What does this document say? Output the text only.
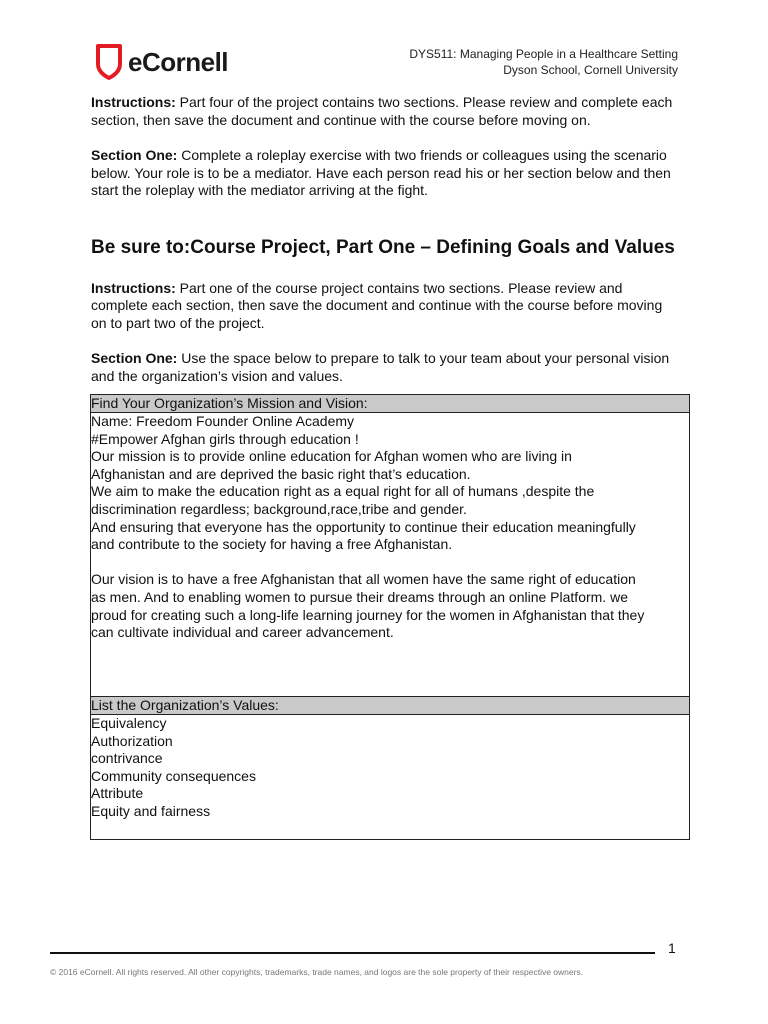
eCornell	DYS511: Managing People in a Healthcare Setting
Dyson School, Cornell University

Instructions: Part four of the project contains two sections. Please review and complete each section, then save the document and continue with the course before moving on.

Section One: Complete a roleplay exercise with two friends or colleagues using the scenario below. Your role is to be a mediator. Have each person read his or her section below and then start the roleplay with the mediator arriving at the fight.

Be sure to:Course Project, Part One – Defining Goals and Values

Instructions: Part one of the course project contains two sections. Please review and complete each section, then save the document and continue with the course before moving on to part two of the project.

Section One: Use the space below to prepare to talk to your team about your personal vision and the organization’s vision and values.

Find Your Organization’s Mission and Vision:
Name: Freedom Founder Online Academy
#Empower Afghan girls through education !
Our mission is to provide online education for Afghan women who are living in
Afghanistan and are deprived the basic right that’s education.
We aim to make the education right as a equal right for all of humans ,despite the
discrimination regardless; background,race,tribe and gender.
And ensuring that everyone has the opportunity to continue their education meaningfully
and contribute to the society for having a free Afghanistan.
Our vision is to have a free Afghanistan that all women have the same right of education
as men. And to enabling women to pursue their dreams through an online Platform. we
proud for creating such a long-life learning journey for the women in Afghanistan that they
can cultivate individual and career advancement.
List the Organization’s Values:
Equivalency
Authorization
contrivance
Community consequences
Attribute
Equity and fairness
1
© 2016 eCornell. All rights reserved. All other copyrights, trademarks, trade names, and logos are the sole property of their respective owners.
